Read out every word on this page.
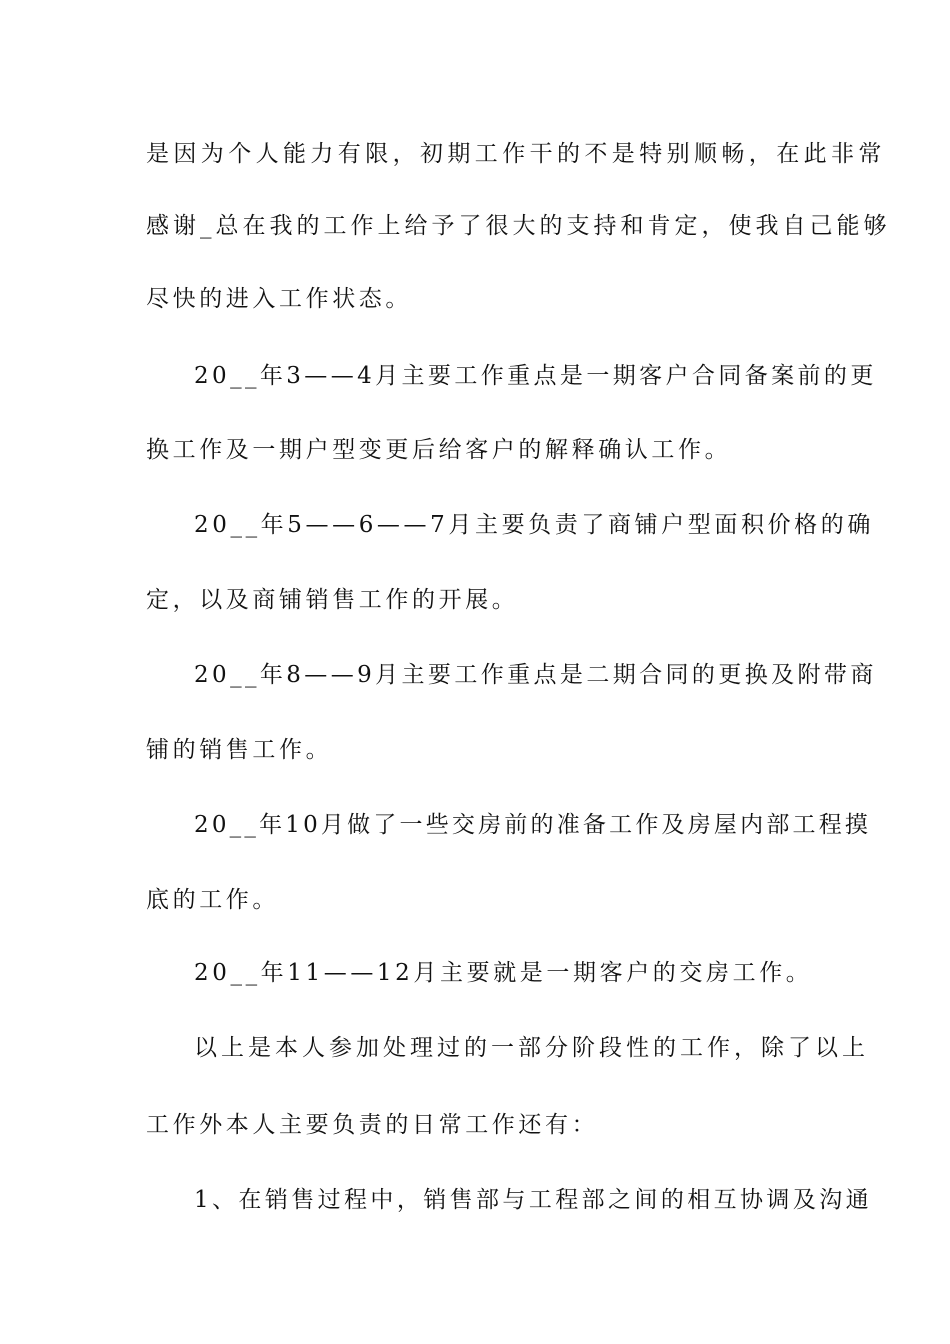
是因为个人能力有限，初期工作干的不是特别顺畅，在此非常
感谢_总在我的工作上给予了很大的支持和肯定，使我自己能够
尽快的进入工作状态。
20__年3——4月主要工作重点是一期客户合同备案前的更
换工作及一期户型变更后给客户的解释确认工作。
20__年5——6——7月主要负责了商铺户型面积价格的确
定，以及商铺销售工作的开展。
20__年8——9月主要工作重点是二期合同的更换及附带商
铺的销售工作。
20__年10月做了一些交房前的准备工作及房屋内部工程摸
底的工作。
20__年11——12月主要就是一期客户的交房工作。
以上是本人参加处理过的一部分阶段性的工作，除了以上
工作外本人主要负责的日常工作还有：
1、在销售过程中，销售部与工程部之间的相互协调及沟通
